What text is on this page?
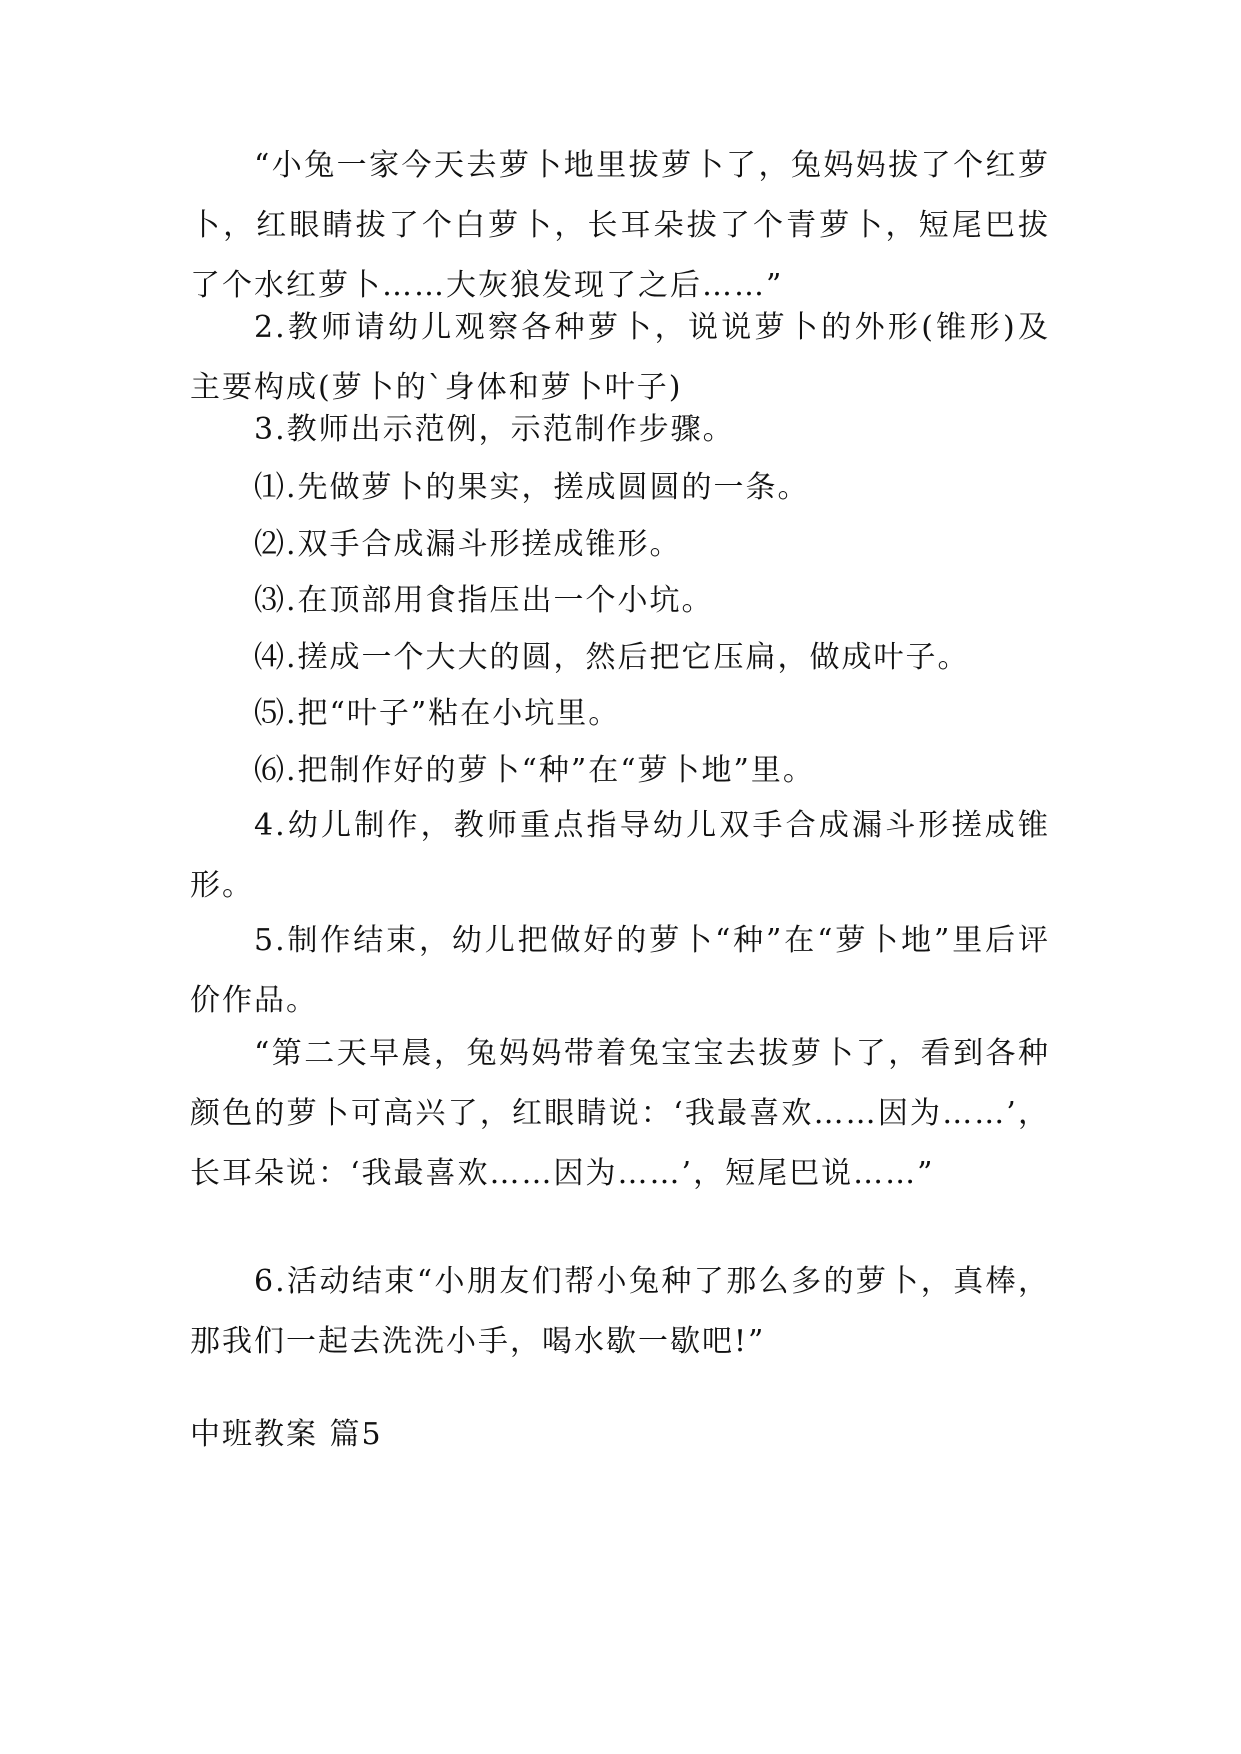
“小兔一家今天去萝卜地里拔萝卜了，兔妈妈拔了个红萝卜，红眼睛拔了个白萝卜，长耳朵拔了个青萝卜，短尾巴拔了个水红萝卜……大灰狼发现了之后……”

2.教师请幼儿观察各种萝卜，说说萝卜的外形(锥形)及主要构成(萝卜的`身体和萝卜叶子)

3.教师出示范例，示范制作步骤。

⑴.先做萝卜的果实，搓成圆圆的一条。

⑵.双手合成漏斗形搓成锥形。

⑶.在顶部用食指压出一个小坑。

⑷.搓成一个大大的圆，然后把它压扁，做成叶子。

⑸.把“叶子”粘在小坑里。

⑹.把制作好的萝卜“种”在“萝卜地”里。

4.幼儿制作，教师重点指导幼儿双手合成漏斗形搓成锥形。

5.制作结束，幼儿把做好的萝卜“种”在“萝卜地”里后评价作品。

“第二天早晨，兔妈妈带着兔宝宝去拔萝卜了，看到各种颜色的萝卜可高兴了，红眼睛说：‘我最喜欢……因为……’，长耳朵说：‘我最喜欢……因为……’，短尾巴说……”

6.活动结束“小朋友们帮小兔种了那么多的萝卜，真棒，那我们一起去洗洗小手，喝水歇一歇吧!”

中班教案 篇5
